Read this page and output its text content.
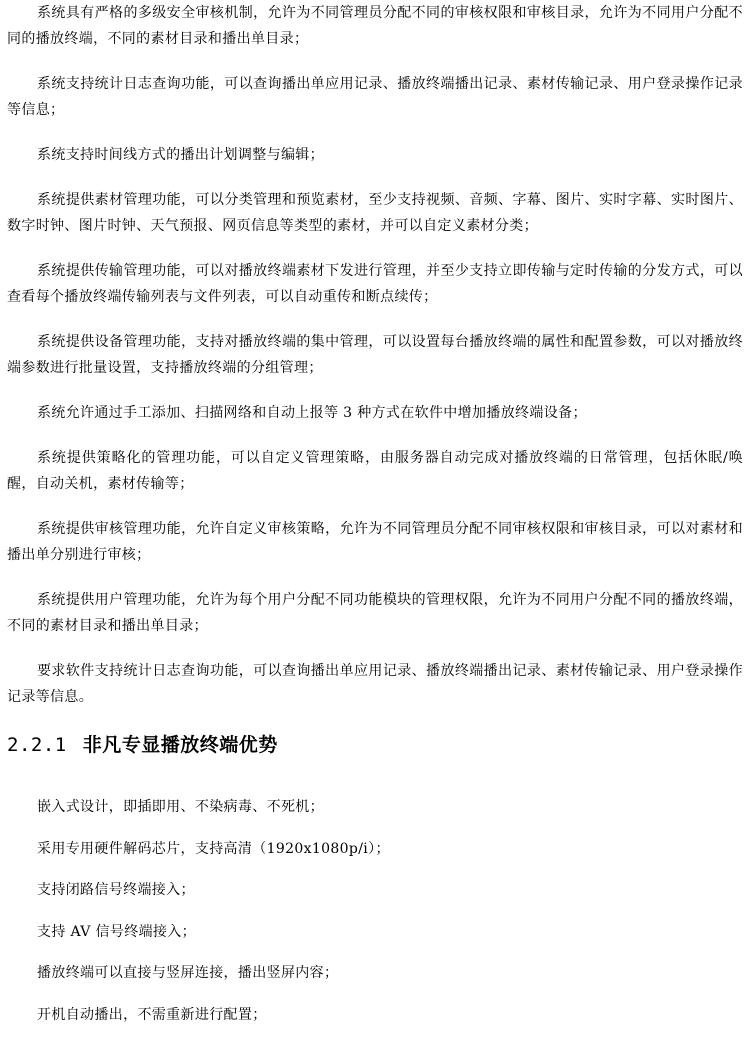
系统具有严格的多级安全审核机制，允许为不同管理员分配不同的审核权限和审核目录，允许为不同用户分配不同的播放终端，不同的素材目录和播出单目录；

系统支持统计日志查询功能，可以查询播出单应用记录、播放终端播出记录、素材传输记录、用户登录操作记录等信息；

系统支持时间线方式的播出计划调整与编辑；

系统提供素材管理功能，可以分类管理和预览素材，至少支持视频、音频、字幕、图片、实时字幕、实时图片、数字时钟、图片时钟、天气预报、网页信息等类型的素材，并可以自定义素材分类；

系统提供传输管理功能，可以对播放终端素材下发进行管理，并至少支持立即传输与定时传输的分发方式，可以查看每个播放终端传输列表与文件列表，可以自动重传和断点续传；

系统提供设备管理功能，支持对播放终端的集中管理，可以设置每台播放终端的属性和配置参数，可以对播放终端参数进行批量设置，支持播放终端的分组管理；

系统允许通过手工添加、扫描网络和自动上报等 3 种方式在软件中增加播放终端设备；

系统提供策略化的管理功能，可以自定义管理策略，由服务器自动完成对播放终端的日常管理，包括休眠/唤醒，自动关机，素材传输等；

系统提供审核管理功能，允许自定义审核策略，允许为不同管理员分配不同审核权限和审核目录，可以对素材和播出单分别进行审核；

系统提供用户管理功能，允许为每个用户分配不同功能模块的管理权限，允许为不同用户分配不同的播放终端，不同的素材目录和播出单目录；

要求软件支持统计日志查询功能，可以查询播出单应用记录、播放终端播出记录、素材传输记录、用户登录操作记录等信息。

2.2.1 非凡专显播放终端优势

嵌入式设计，即插即用、不染病毒、不死机；

采用专用硬件解码芯片，支持高清（1920x1080p/i）；

支持闭路信号终端接入；

支持 AV 信号终端接入；

播放终端可以直接与竖屏连接，播出竖屏内容；

开机自动播出，不需重新进行配置；
